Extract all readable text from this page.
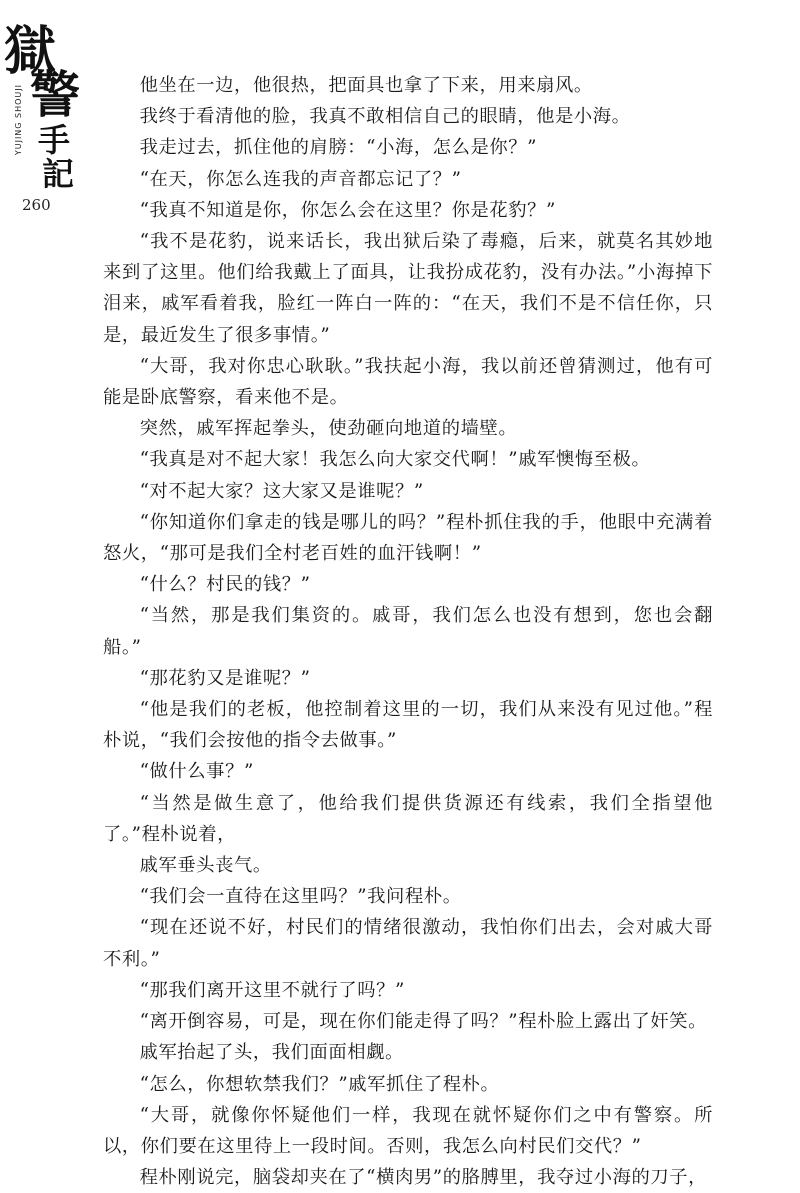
獄
警
手
記
YUJING SHOUJI
260

他坐在一边，他很热，把面具也拿了下来，用来扇风。

我终于看清他的脸，我真不敢相信自己的眼睛，他是小海。

我走过去，抓住他的肩膀：“小海，怎么是你？”

“在天，你怎么连我的声音都忘记了？”

“我真不知道是你，你怎么会在这里？你是花豹？”

“我不是花豹，说来话长，我出狱后染了毒瘾，后来，就莫名其妙地来到了这里。他们给我戴上了面具，让我扮成花豹，没有办法。”小海掉下泪来，戚军看着我，脸红一阵白一阵的：“在天，我们不是不信任你，只是，最近发生了很多事情。”

“大哥，我对你忠心耿耿。”我扶起小海，我以前还曾猜测过，他有可能是卧底警察，看来他不是。

突然，戚军挥起拳头，使劲砸向地道的墙壁。

“我真是对不起大家！我怎么向大家交代啊！”戚军懊悔至极。

“对不起大家？这大家又是谁呢？”

“你知道你们拿走的钱是哪儿的吗？”程朴抓住我的手，他眼中充满着怒火，“那可是我们全村老百姓的血汗钱啊！”

“什么？村民的钱？”

“当然，那是我们集资的。戚哥，我们怎么也没有想到，您也会翻船。”

“那花豹又是谁呢？”

“他是我们的老板，他控制着这里的一切，我们从来没有见过他。”程朴说，“我们会按他的指令去做事。”

“做什么事？”

“当然是做生意了，他给我们提供货源还有线索，我们全指望他了。”程朴说着，

戚军垂头丧气。

“我们会一直待在这里吗？”我问程朴。

“现在还说不好，村民们的情绪很激动，我怕你们出去，会对戚大哥不利。”

“那我们离开这里不就行了吗？”

“离开倒容易，可是，现在你们能走得了吗？”程朴脸上露出了奸笑。

戚军抬起了头，我们面面相觑。

“怎么，你想软禁我们？”戚军抓住了程朴。

“大哥，就像你怀疑他们一样，我现在就怀疑你们之中有警察。所以，你们要在这里待上一段时间。否则，我怎么向村民们交代？”

程朴刚说完，脑袋却夹在了“横肉男”的胳膊里，我夺过小海的刀子，
